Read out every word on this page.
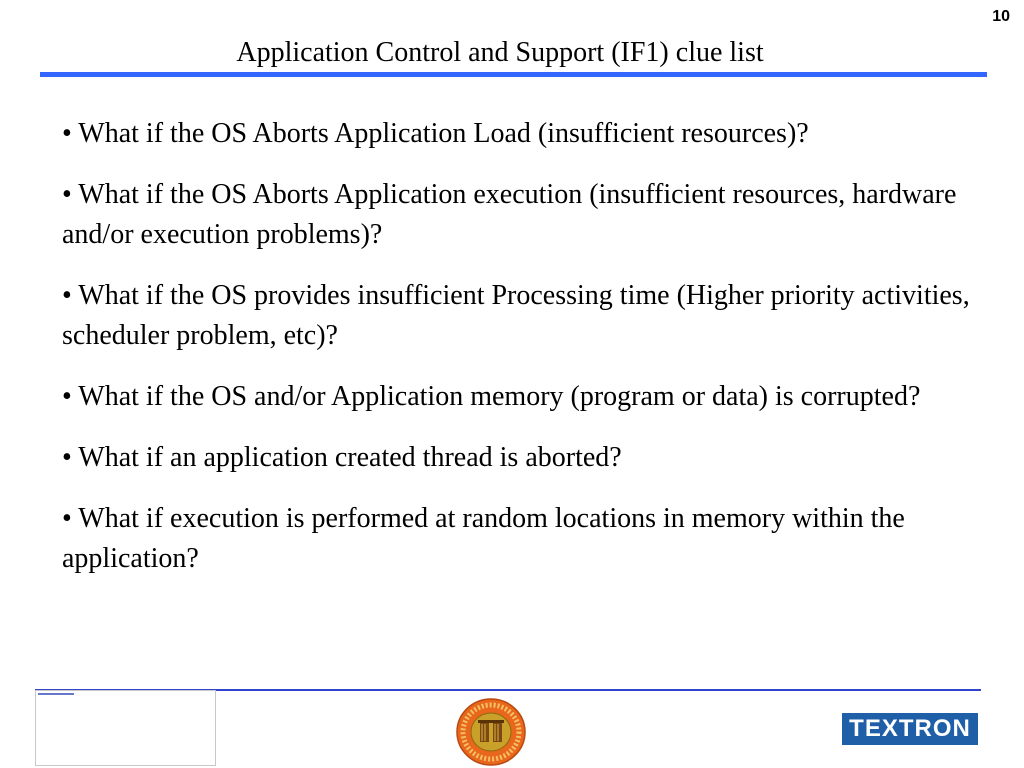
10
Application Control and Support (IF1) clue list
• What if the OS Aborts Application Load (insufficient resources)?
• What if the OS Aborts Application execution (insufficient resources, hardware and/or execution problems)?
• What if the OS provides insufficient Processing time (Higher priority activities, scheduler problem, etc)?
• What if the OS and/or Application memory (program or data) is corrupted?
• What if an application created thread is aborted?
• What if execution is performed at random locations in memory within the application?
TEXTRON
